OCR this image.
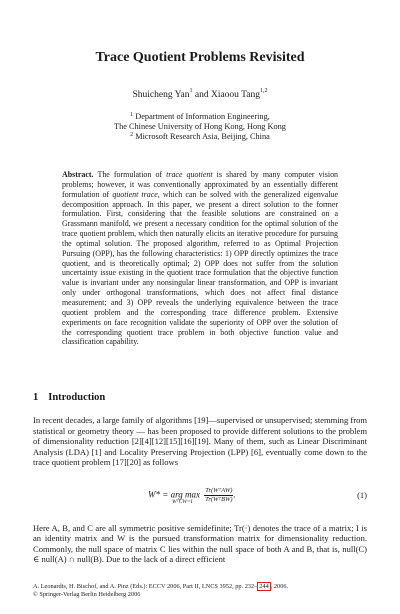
Trace Quotient Problems Revisited
Shuicheng Yan$^1$ and Xiaoou Tang$^{1,2}$
$^1$ Department of Information Engineering,
The Chinese University of Hong Kong, Hong Kong
$^2$ Microsoft Research Asia, Beijing, China
Abstract. The formulation of trace quotient is shared by many computer vision problems; however, it was conventionally approximated by an essentially different formulation of quotient trace, which can be solved with the generalized eigenvalue decomposition approach. In this paper, we present a direct solution to the former formulation. First, considering that the feasible solutions are constrained on a Grassmann manifold, we present a necessary condition for the optimal solution of the trace quotient problem, which then naturally elicits an iterative procedure for pursuing the optimal solution. The proposed algorithm, referred to as Optimal Projection Pursuing (OPP), has the following characteristics: 1) OPP directly optimizes the trace quotient, and is theoretically optimal; 2) OPP does not suffer from the solution uncertainty issue existing in the quotient trace formulation that the objective function value is invariant under any nonsingular linear transformation, and OPP is invariant only under orthogonal transformations, which does not affect final distance measurement; and 3) OPP reveals the underlying equivalence between the trace quotient problem and the corresponding trace difference problem. Extensive experiments on face recognition validate the superiority of OPP over the solution of the corresponding quotient trace problem in both objective function value and classification capability.
1 Introduction

In recent decades, a large family of algorithms [19]—supervised or unsupervised; stemming from statistical or geometry theory — has been proposed to provide different solutions to the problem of dimensionality reduction [2][4][12][15][16][19]. Many of them, such as Linear Discriminant Analysis (LDA) [1] and Locality Preserving Projection (LPP) [6], eventually come down to the trace quotient problem [17][20] as follows

W* = arg $\max \frac{\text{Tr(WᵀAW)}}{\text{Tr(WᵀBW)}}$ .
WᵀCW=I
(1)

Here A, B, and C are all symmetric positive semidefinite; Tr(·) denotes the trace of a matrix; I is an identity matrix and W is the pursued transformation matrix for dimensionality reduction. Commonly, the null space of matrix C lies within the null space of both A and B, that is, null(C) ∈ null(A) ∩ null(B). Due to the lack of a direct efficient

A. Leonardis, H. Bischof, and A. Pinz (Eds.): ECCV 2006, Part II, LNCS 3952, pp. 232– 244 , 2006.
© Springer-Verlag Berlin Heidelberg 2006
